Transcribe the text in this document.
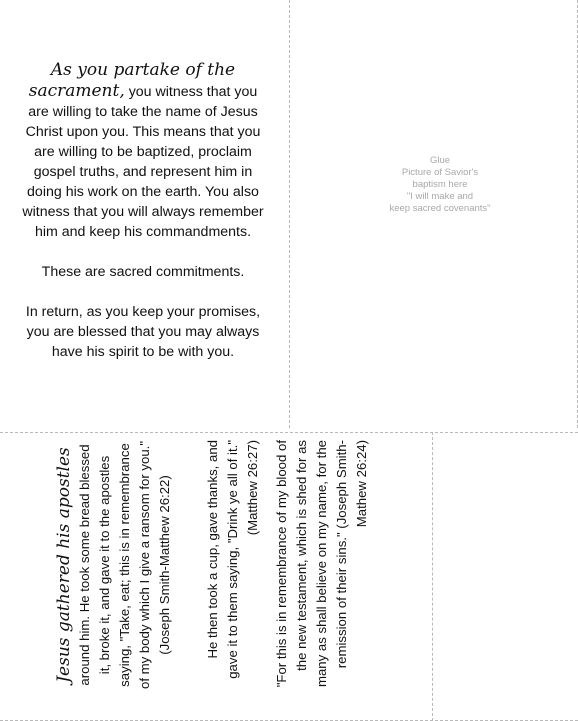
As you partake of the sacrament, you witness that you are willing to take the name of Jesus Christ upon you. This means that you are willing to be baptized, proclaim gospel truths, and represent him in doing his work on the earth. You also witness that you will always remember him and keep his commandments.
These are sacred commitments.
In return, as you keep your promises, you are blessed that you may always have his spirit to be with you.
Glue
Picture of Savior's
baptism here
"I will make and
keep sacred covenants"
Jesus gathered his apostles around him. He took some bread blessed it, broke it, and gave it to the apostles saying, "Take, eat; this is in remembrance of my body which I give a ransom for you." (Joseph Smith-Matthew 26:22)	He then took a cup, gave thanks, and gave it to them saying, "Drink ye all of it." (Matthew 26:27) "For this is in remembrance of my blood of the new testament, which is shed for as many as shall believe on my name, for the remission of their sins." (Joseph Smith-Mathew 26:24)
